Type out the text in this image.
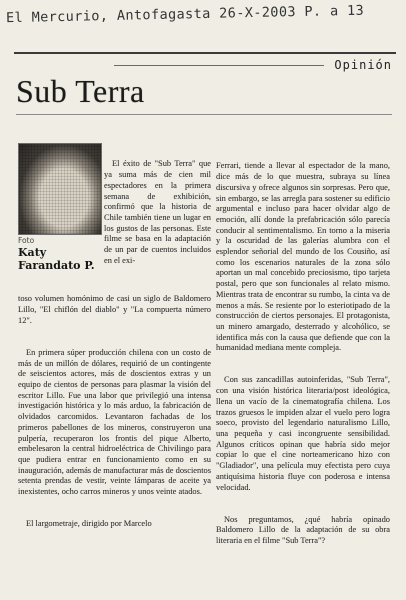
El Mercurio, Antofagasta 26-X-2003 P. a 13
Opinión
Sub Terra
Foto
Katy
Farandato P.

El éxito de "Sub Terra" que ya suma más de cien mil espectadores en la primera semana de exhibición, confirmó que la historia de Chile también tiene un lugar en los gustos de las personas. Este filme se basa en la adaptación de un par de cuentos incluidos en el exi-

toso volumen homónimo de casi un siglo de Baldomero Lillo, "El chiflón del diablo" y "La compuerta número 12".

En primera súper producción chilena con un costo de más de un millón de dólares, requirió de un contingente de seiscientos actores, más de doscientos extras y un equipo de cientos de personas para plasmar la visión del escritor Lillo. Fue una labor que privilegió una intensa investigación histórica y lo más arduo, la fabricación de olvidados carcomidos. Levantaron fachadas de los primeros pabellones de los mineros, construyeron una pulpería, recuperaron los frontis del pique Alberto, embelesaron la central hidroeléctrica de Chivilingo para que pudiera entrar en funcionamiento como en su inauguración, además de manufacturar más de doscientos setenta prendas de vestir, veinte lámparas de aceite ya inexistentes, ocho carros mineros y unos veinte atados.

El largometraje, dirigido por Marcelo

Ferrari, tiende a llevar al espectador de la mano, dice más de lo que muestra, subraya su línea discursiva y ofrece algunos sin sorpresas. Pero que, sin embargo, se las arregla para sostener su edificio argumental e incluso para hacer olvidar algo de emoción, allí donde la prefabricación sólo parecía conducir al sentimentalismo. En torno a la miseria y la oscuridad de las galerías alumbra con el esplendor señorial del mundo de los Cousiño, así como los escenarios naturales de la zona sólo aportan un mal concebido preciosismo, tipo tarjeta postal, pero que son funcionales al relato mismo. Mientras trata de encontrar su rumbo, la cinta va de menos a más. Se resiente por lo esteriotipado de la construcción de ciertos personajes. El protagonista, un minero amargado, desterrado y alcohólico, se identifica más con la causa que defiende que con la humanidad mediana mente compleja.

Con sus zancadillas autoinferidas, "Sub Terra", con una visión histórica literaria/post ideológica, llena un vacío de la cinematografía chilena. Los trazos gruesos le impiden alzar el vuelo pero logra soeco, provisto del legendario naturalismo Lillo, una pequeña y casi incongruente sensibilidad. Algunos críticos opinan que habría sido mejor copiar lo que el cine norteamericano hizo con "Gladiador", una película muy efectista pero cuya antiquísima historia fluye con poderosa e intensa velocidad.

Nos preguntamos, ¿qué habría opinado Baldomero Lillo de la adaptación de su obra literaria en el filme "Sub Terra"?
